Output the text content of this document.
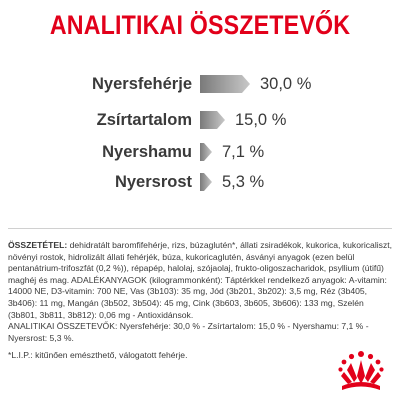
ANALITIKAI ÖSSZETEVŐK
Nyersfehérje	30,0 %
Zsírtartalom	15,0 %
Nyershamu 7,1 %
Nyersrost 5,3 %

ÖSSZETÉTEL: dehidratált baromfifehérje, rizs, búzaglutén*, állati zsiradékok, kukorica, kukoricaliszt, növényi rostok, hidrolizált állati fehérjék, búza, kukoricaglutén, ásványi anyagok (ezen belül pentanátrium-trifoszfát (0,2 %)), répapép, halolaj, szójaolaj, frukto-oligoszacharidok, psyllium (útifű) maghéj és mag. ADALÉKANYAGOK (kilogrammonként): Táptérkkel rendelkező anyagok: A-vitamin: 14000 NE, D3-vitamin: 700 NE, Vas (3b103): 35 mg, Jód (3b201, 3b202): 3,5 mg, Réz (3b405, 3b406): 11 mg, Mangán (3b502, 3b504): 45 mg, Cink (3b603, 3b605, 3b606): 133 mg, Szelén (3b801, 3b811, 3b812): 0,06 mg - Antioxidánsok.

ANALITIKAI ÖSSZETEVŐK: Nyersfehérje: 30,0 % - Zsírtartalom: 15,0 % - Nyershamu: 7,1 % - Nyersrost: 5,3 %.

*L.I.P.: kitűnően emészthető, válogatott fehérje.
